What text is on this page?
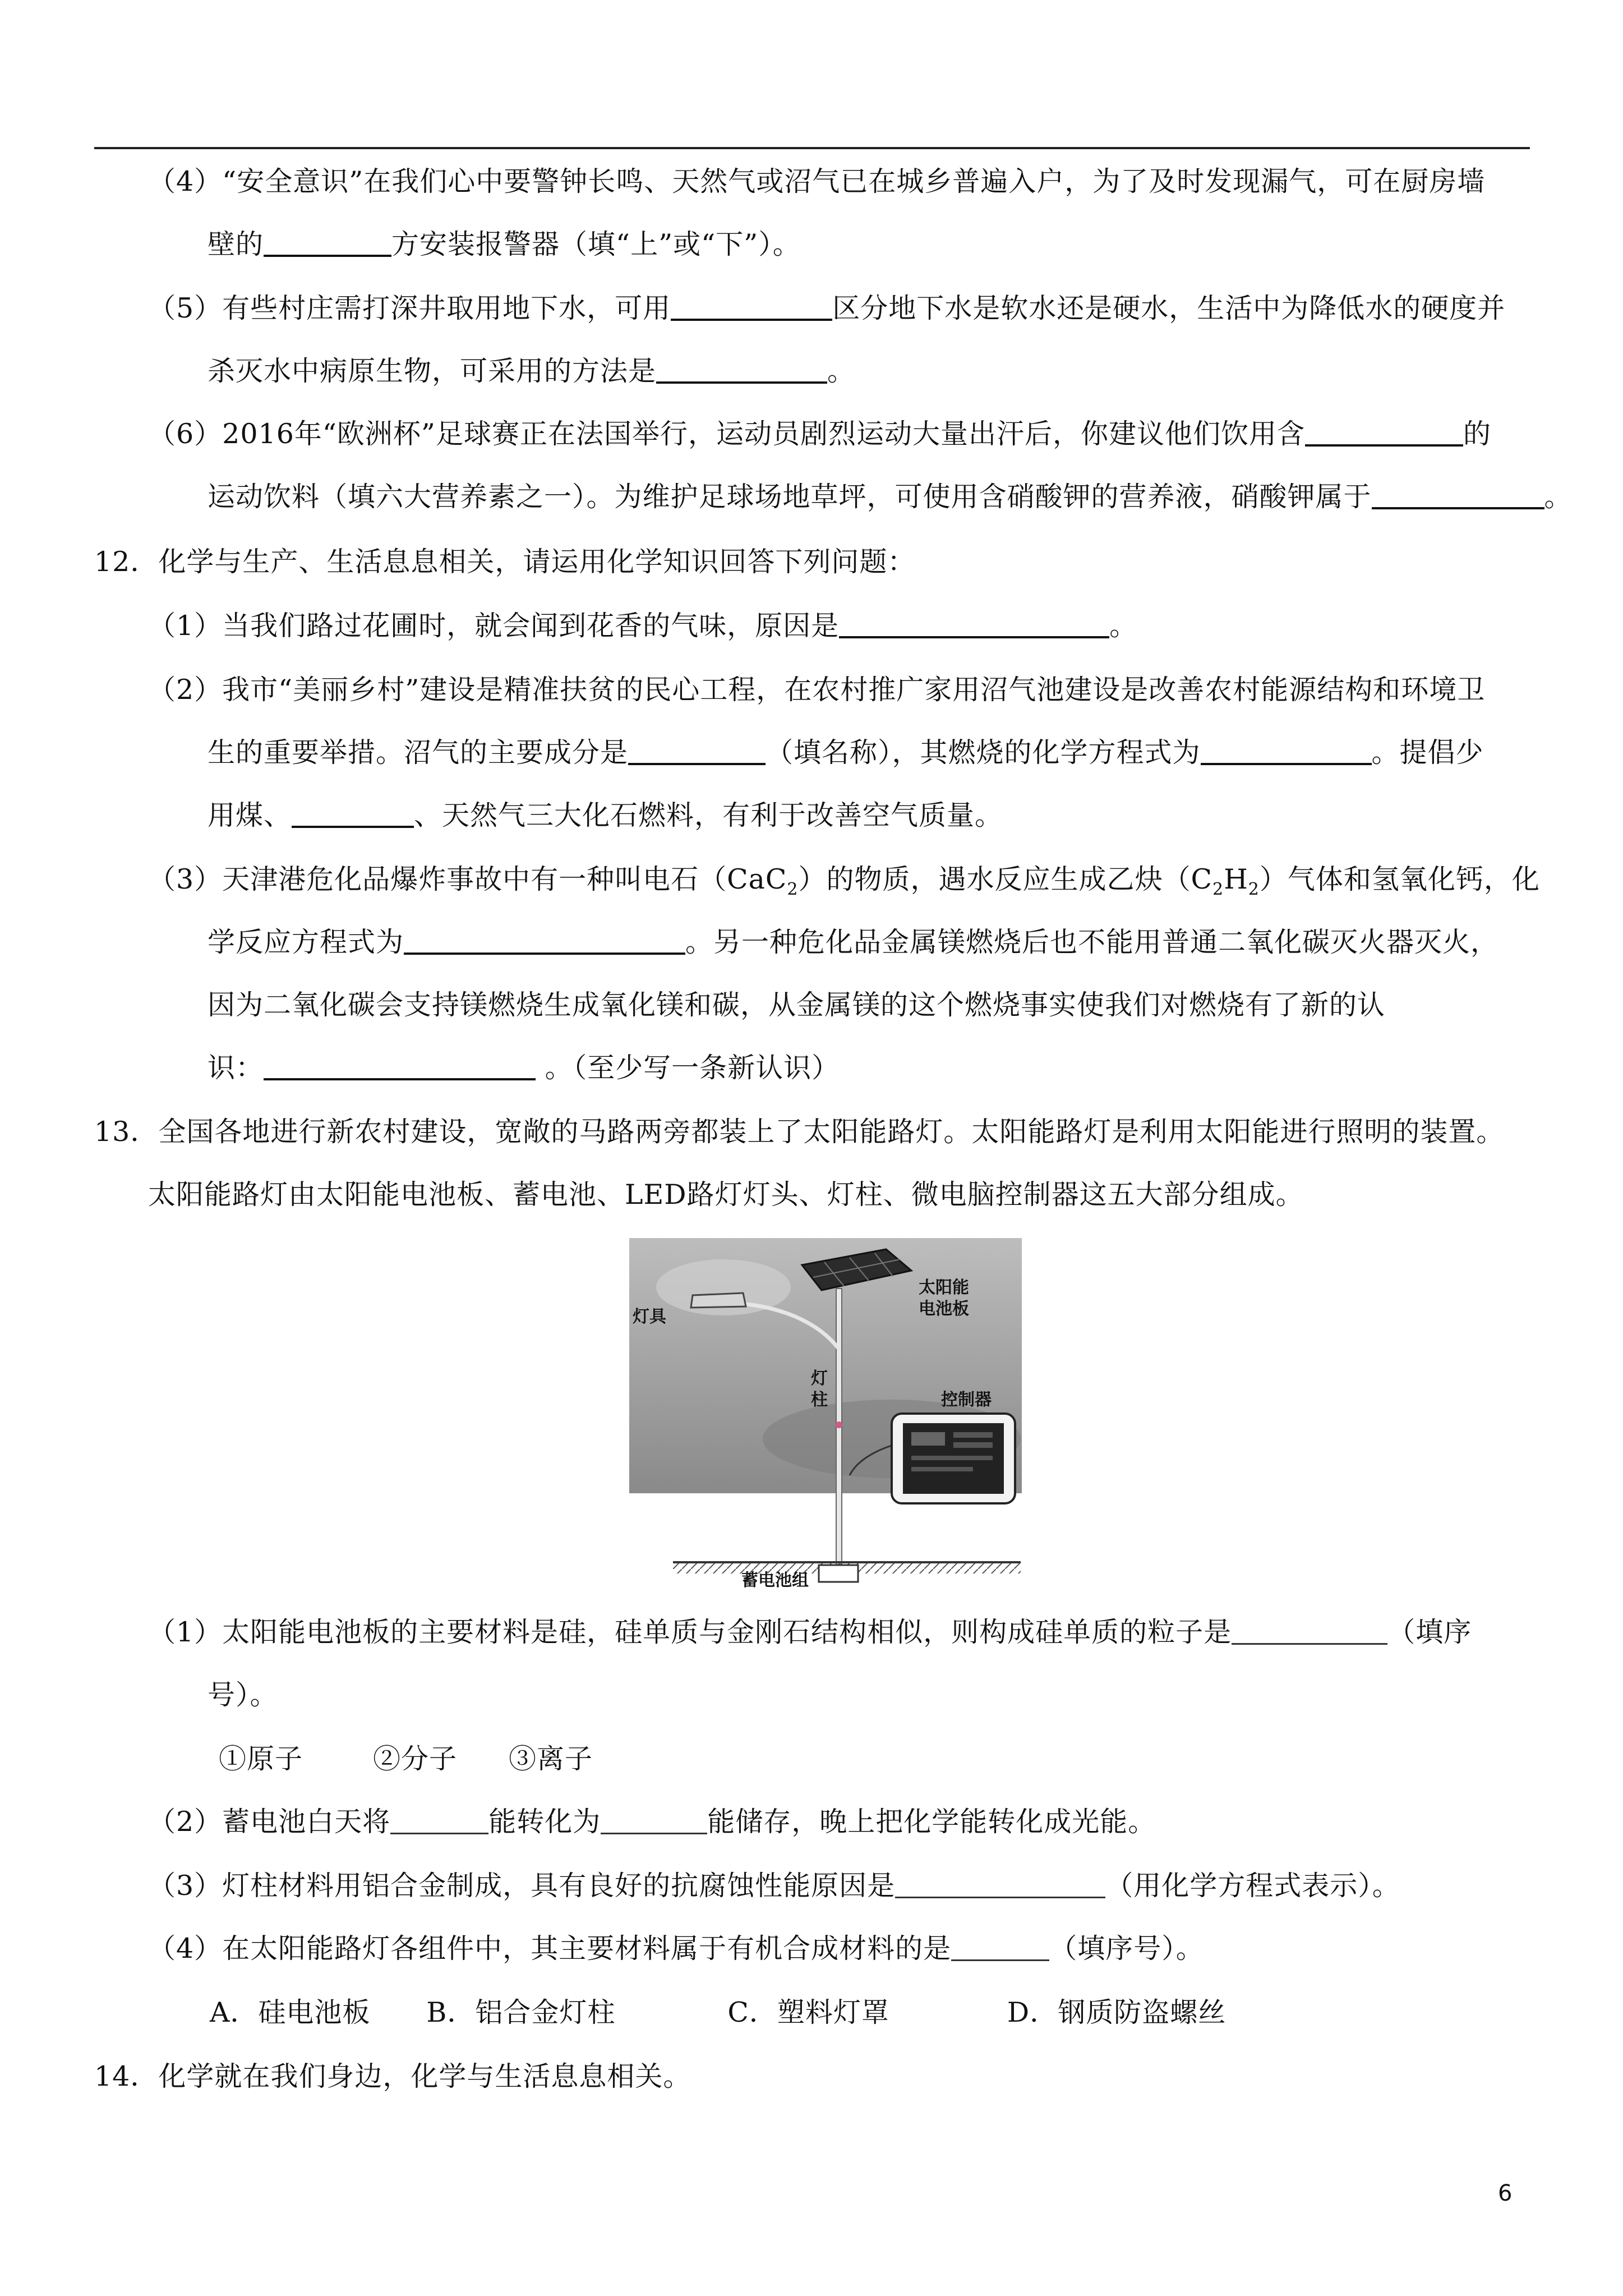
（4）“安全意识”在我们心中要警钟长鸣、天然气或沼气已在城乡普遍入户，为了及时发现漏气，可在厨房墙
壁的	方安装报警器（填“上”或“下”）。
（5）有些村庄需打深井取用地下水，可用	区分地下水是软水还是硬水，生活中为降低水的硬度并
杀灭水中病原生物，可采用的方法是	。
（6）2016年“欧洲杯”足球赛正在法国举行，运动员剧烈运动大量出汗后，你建议他们饮用含	的
运动饮料（填六大营养素之一）。为维护足球场地草坪，可使用含硝酸钾的营养液，硝酸钾属于	。
12．化学与生产、生活息息相关，请运用化学知识回答下列问题：
（1）当我们路过花圃时，就会闻到花香的气味，原因是	。
（2）我市“美丽乡村”建设是精准扶贫的民心工程，在农村推广家用沼气池建设是改善农村能源结构和环境卫
生的重要举措。沼气的主要成分是	（填名称），其燃烧的化学方程式为	。提倡少
用煤、	、天然气三大化石燃料，有利于改善空气质量。
（3）天津港危化品爆炸事故中有一种叫电石（CaC$_2$）的物质，遇水反应生成乙炔$(C_2H_2)$气体和氢氧化钙，化
学反应方程式为	。另一种危化品金属镁燃烧后也不能用普通二氧化碳灭火器灭火，
因为二氧化碳会支持镁燃烧生成氧化镁和碳，从金属镁的这个燃烧事实使我们对燃烧有了新的认
识：	。（至少写一条新认识）
13．全国各地进行新农村建设，宽敞的马路两旁都装上了太阳能路灯。太阳能路灯是利用太阳能进行照明的装置。
太阳能路灯由太阳能电池板、蓄电池、LED路灯灯头、灯柱、微电脑控制器这五大部分组成。
灯具
太阳能
电池板
灯
柱	控制器
蓄电池组
（1）太阳能电池板的主要材料是硅，硅单质与金刚石结构相似，则构成硅单质的粒子是	（填序
号）。
①原子	②分子 ③离子
（2）蓄电池白天将	能转化为	能储存，晚上把化学能转化成光能。
（3）灯柱材料用铝合金制成，具有良好的抗腐蚀性能原因是	（用化学方程式表示）。
（4）在太阳能路灯各组件中，其主要材料属于有机合成材料的是	（填序号）。
A．硅电池板 B．铝合金灯柱	C．塑料灯罩	D．钢质防盗螺丝
14．化学就在我们身边，化学与生活息息相关。
6
